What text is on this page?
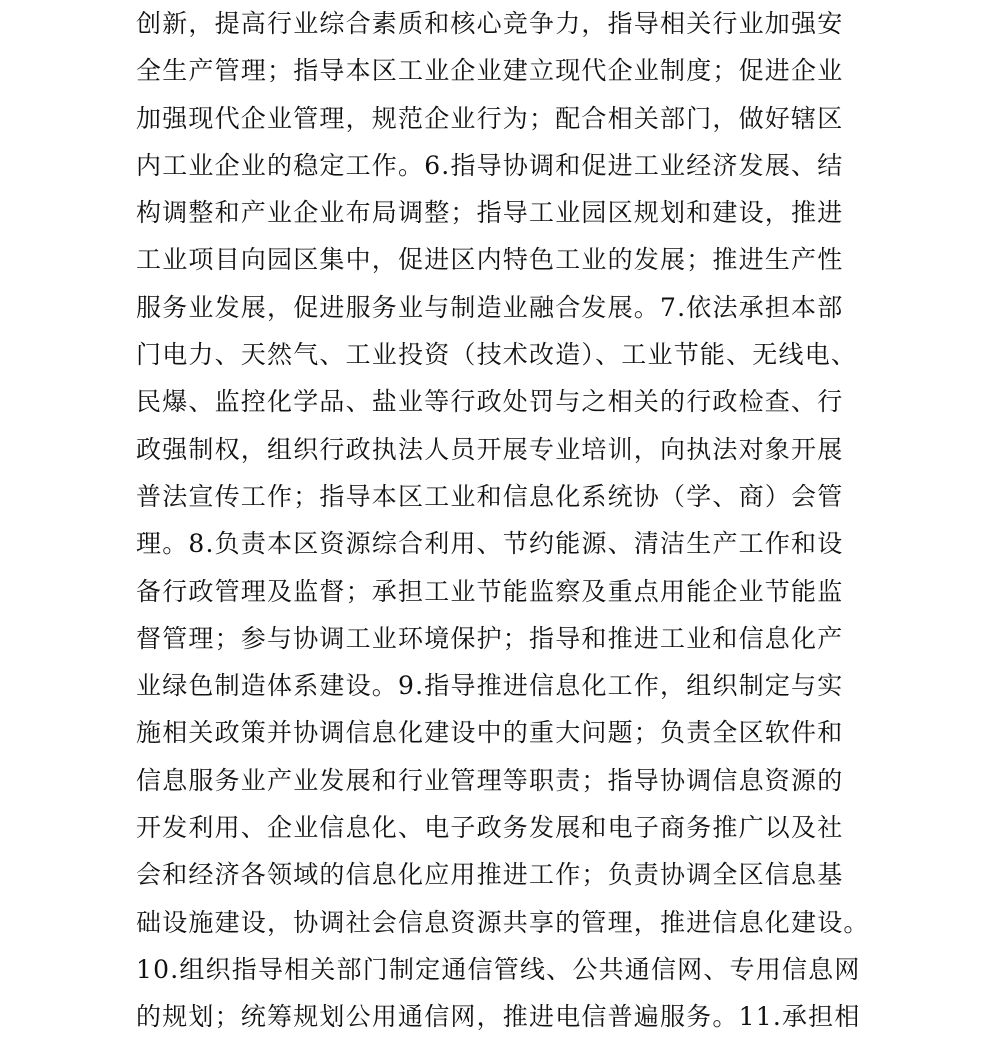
创新，提高行业综合素质和核心竞争力，指导相关行业加强安
全生产管理；指导本区工业企业建立现代企业制度；促进企业
加强现代企业管理，规范企业行为；配合相关部门，做好辖区
内工业企业的稳定工作。6.指导协调和促进工业经济发展、结
构调整和产业企业布局调整；指导工业园区规划和建设，推进
工业项目向园区集中，促进区内特色工业的发展；推进生产性
服务业发展，促进服务业与制造业融合发展。7.依法承担本部
门电力、天然气、工业投资（技术改造）、工业节能、无线电、
民爆、监控化学品、盐业等行政处罚与之相关的行政检查、行
政强制权，组织行政执法人员开展专业培训，向执法对象开展
普法宣传工作；指导本区工业和信息化系统协（学、商）会管
理。8.负责本区资源综合利用、节约能源、清洁生产工作和设
备行政管理及监督；承担工业节能监察及重点用能企业节能监
督管理；参与协调工业环境保护；指导和推进工业和信息化产
业绿色制造体系建设。9.指导推进信息化工作，组织制定与实
施相关政策并协调信息化建设中的重大问题；负责全区软件和
信息服务业产业发展和行业管理等职责；指导协调信息资源的
开发利用、企业信息化、电子政务发展和电子商务推广以及社
会和经济各领域的信息化应用推进工作；负责协调全区信息基
础设施建设，协调社会信息资源共享的管理，推进信息化建设。
10.组织指导相关部门制定通信管线、公共通信网、专用信息网
的规划；统筹规划公用通信网，推进电信普遍服务。11.承担相
